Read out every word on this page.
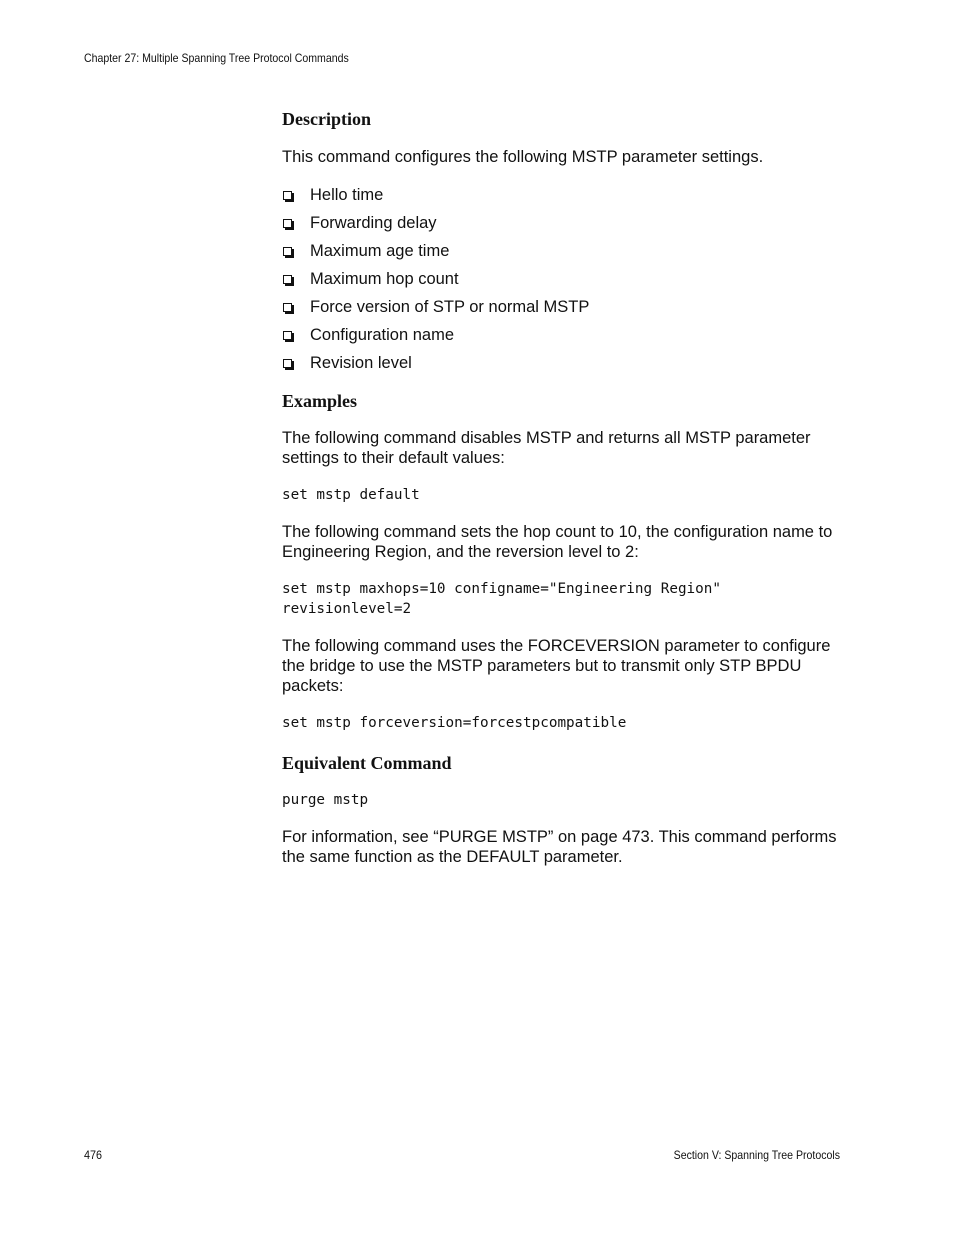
Chapter 27: Multiple Spanning Tree Protocol Commands
Description

This command configures the following MSTP parameter settings.

Hello time
Forwarding delay
Maximum age time
Maximum hop count
Force version of STP or normal MSTP
Configuration name
Revision level
Examples

The following command disables MSTP and returns all MSTP parameter settings to their default values:

set mstp default

The following command sets the hop count to 10, the configuration name to Engineering Region, and the reversion level to 2:

set mstp maxhops=10 configname="Engineering Region"
revisionlevel=2

The following command uses the FORCEVERSION parameter to configure the bridge to use the MSTP parameters but to transmit only STP BPDU packets:

set mstp forceversion=forcestpcompatible
Equivalent Command
purge mstp

For information, see “PURGE MSTP” on page 473. This command performs the same function as the DEFAULT parameter.

476	Section V: Spanning Tree Protocols
